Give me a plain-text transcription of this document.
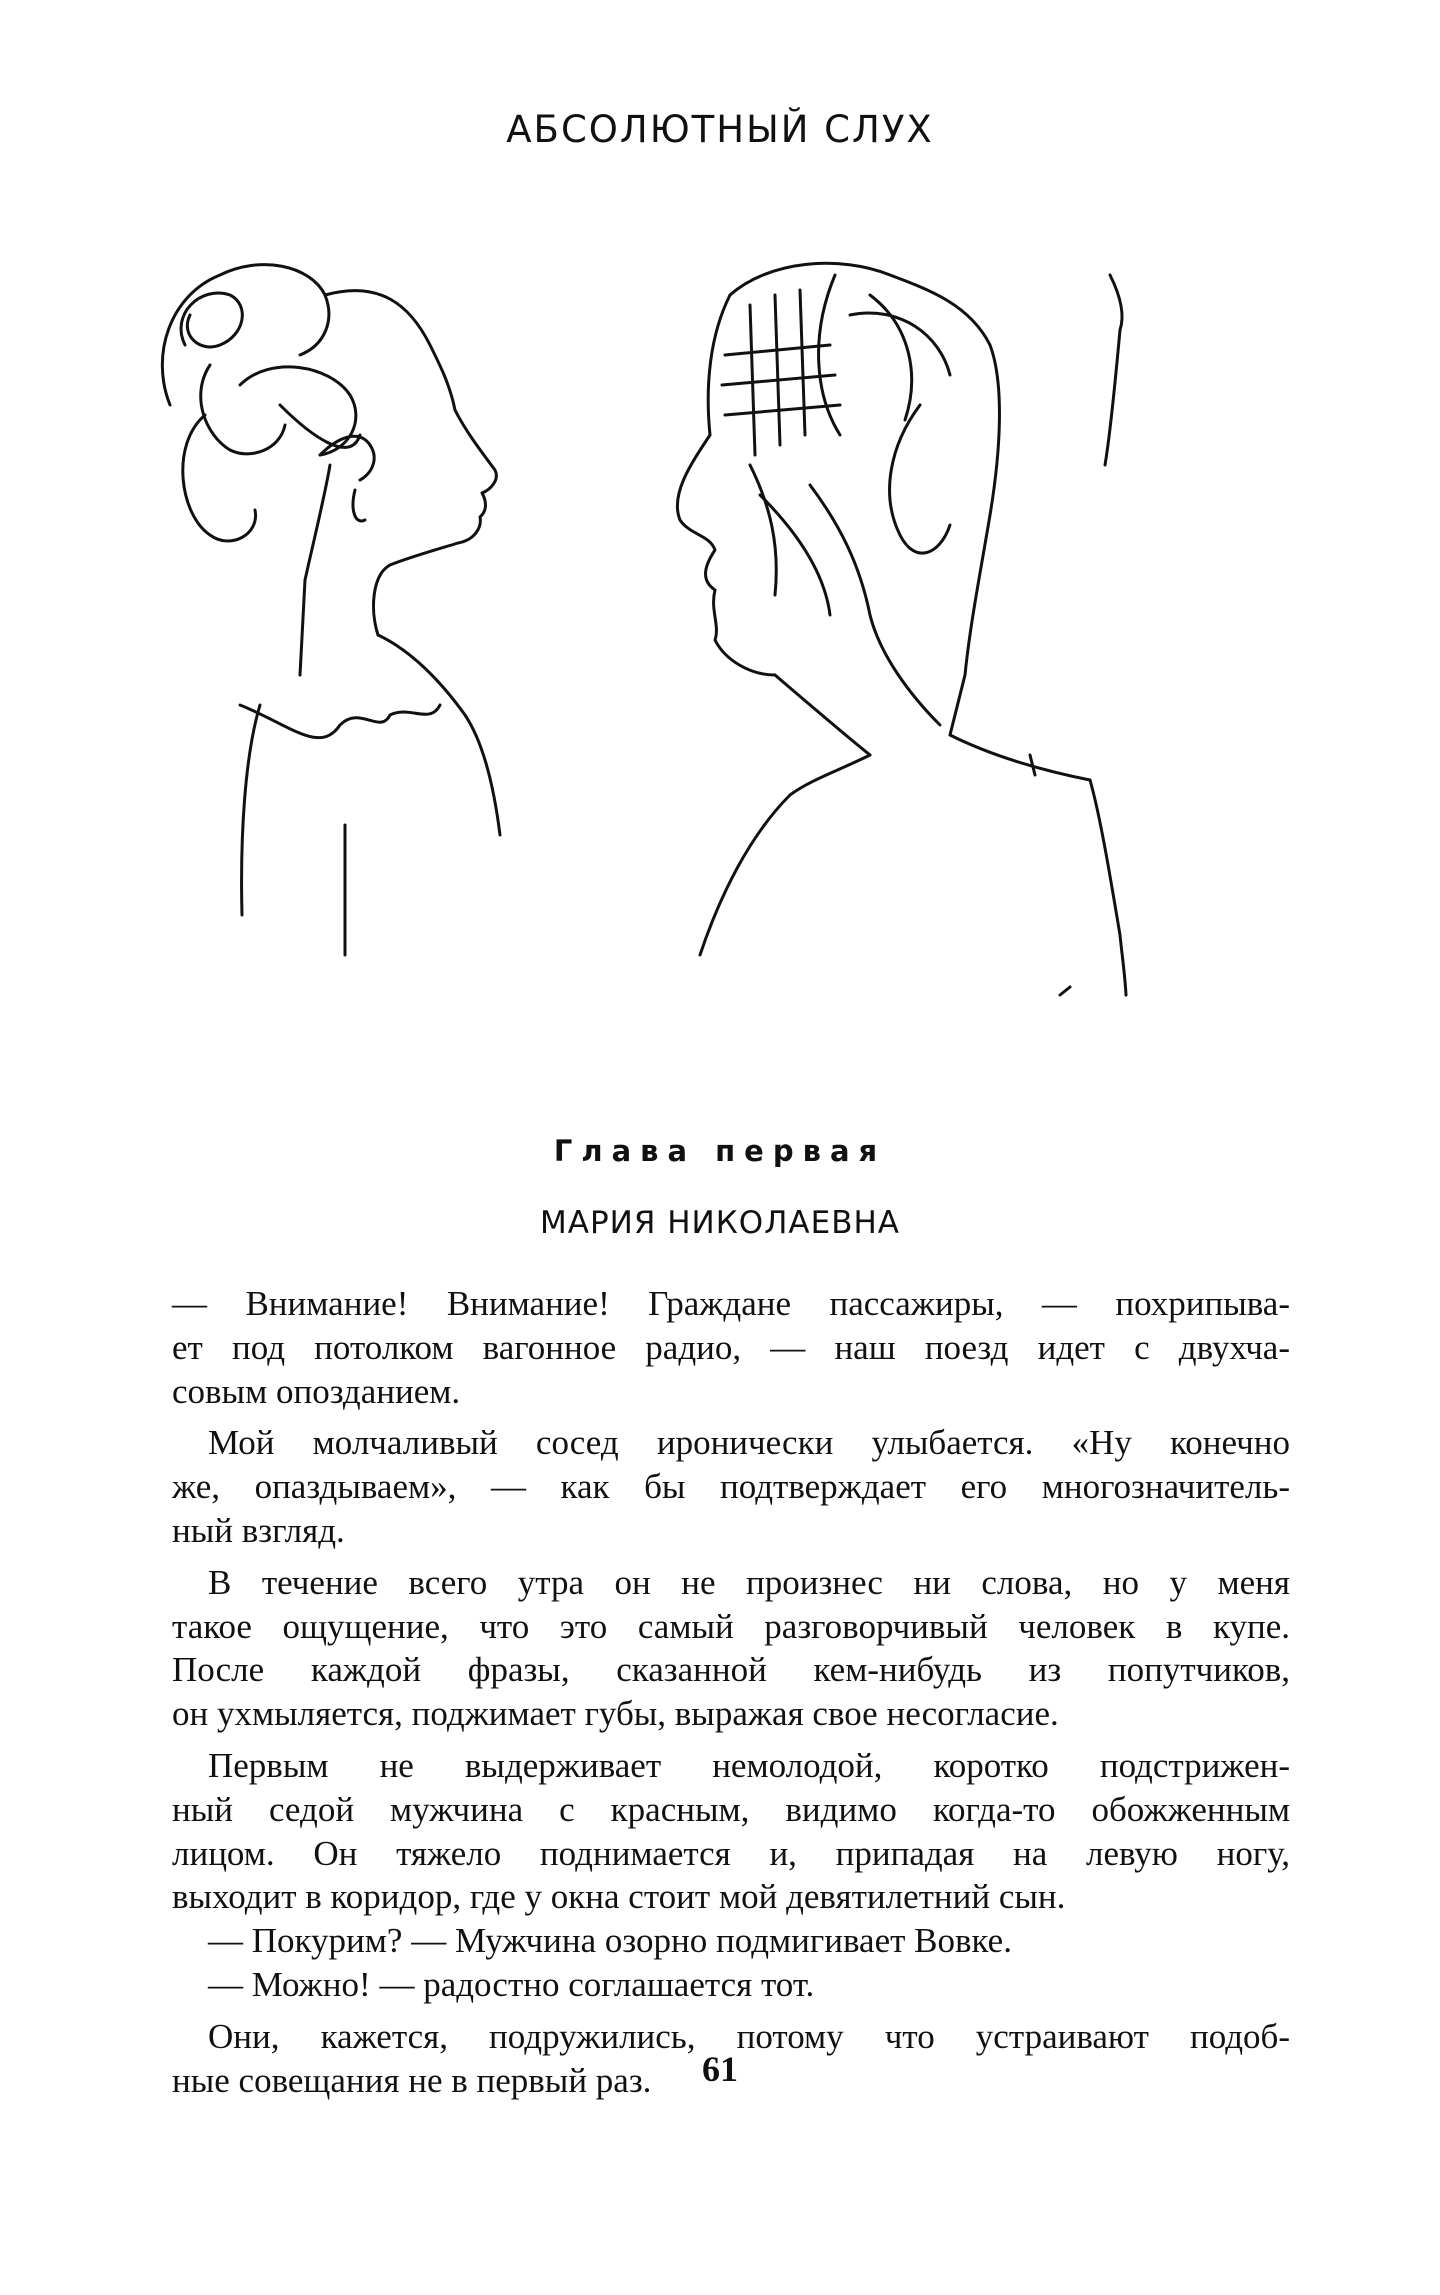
АБСОЛЮТНЫЙ СЛУХ
Глава первая
МАРИЯ НИКОЛАЕВНА

— Внимание! Внимание! Граждане пассажиры, — похрипыва-

ет под потолком вагонное радио, — наш поезд идет с двухча-

совым опозданием.

Мой молчаливый сосед иронически улыбается. «Ну конечно

же, опаздываем», — как бы подтверждает его многозначитель-

ный взгляд.

В течение всего утра он не произнес ни слова, но у меня

такое ощущение, что это самый разговорчивый человек в купе.

После каждой фразы, сказанной кем-нибудь из попутчиков,

он ухмыляется, поджимает губы, выражая свое несогласие.

Первым не выдерживает немолодой, коротко подстрижен-

ный седой мужчина с красным, видимо когда-то обожженным

лицом. Он тяжело поднимается и, припадая на левую ногу,

выходит в коридор, где у окна стоит мой девятилетний сын.

— Покурим? — Мужчина озорно подмигивает Вовке.

— Можно! — радостно соглашается тот.

Они, кажется, подружились, потому что устраивают подоб-

ные совещания не в первый раз.	61
